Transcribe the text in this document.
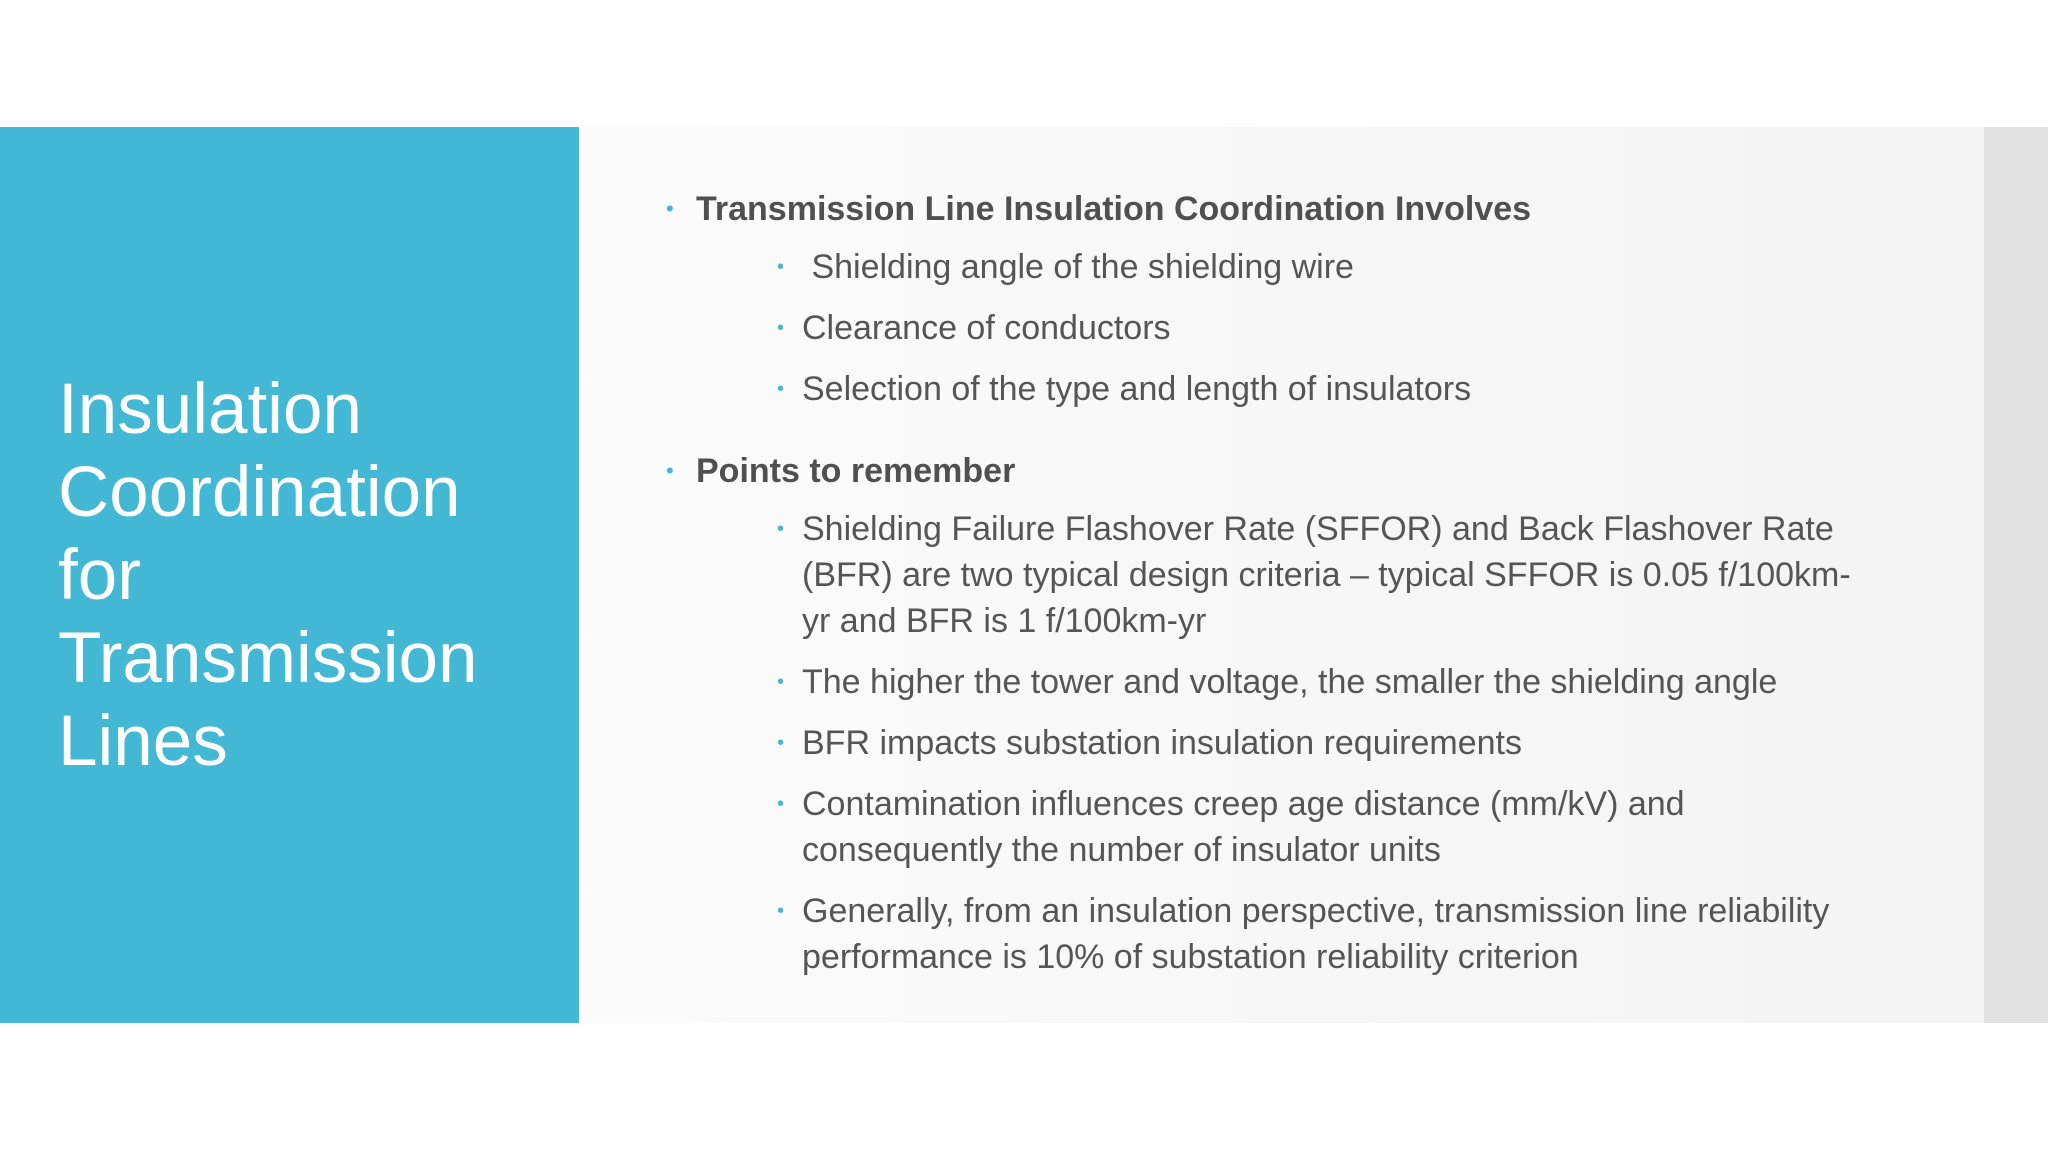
Insulation Coordination for Transmission Lines
• Transmission Line Insulation Coordination Involves
• Shielding angle of the shielding wire
• Clearance of conductors
• Selection of the type and length of insulators
• Points to remember
• Shielding Failure Flashover Rate (SFFOR) and Back Flashover Rate (BFR) are two typical design criteria – typical SFFOR is 0.05 f/100km-yr and BFR is 1 f/100km-yr
• The higher the tower and voltage, the smaller the shielding angle
• BFR impacts substation insulation requirements
• Contamination influences creep age distance (mm/kV) and consequently the number of insulator units
• Generally, from an insulation perspective, transmission line reliability performance is 10% of substation reliability criterion
